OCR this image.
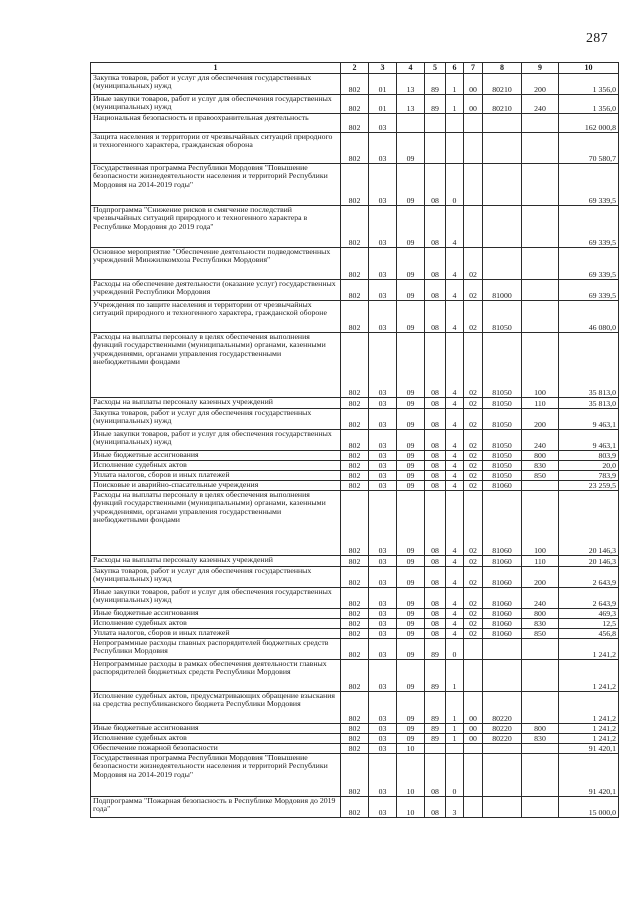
287
1	2	3	4	5	6	7	8	9	10
Закупка товаров, работ и услуг для обеспечения государственных (муниципальных) нужд	802	01	13	89	1	00	80210	200	1 356,0
Иные закупки товаров, работ и услуг для обеспечения государственных (муниципальных) нужд	802	01	13	89	1	00	80210	240	1 356,0
Национальная безопасность и правоохранительная деятельность	802	03							162 000,8
Защита населения и территории от чрезвычайных ситуаций природного и техногенного характера, гражданская оборона	802	03	09						70 580,7
Государственная программа Республики Мордовия "Повышение безопасности жизнедеятельности населения и территорий Республики Мордовия на 2014-2019 годы"	802	03	09	08	0				69 339,5
Подпрограмма "Снижение рисков и смягчение последствий чрезвычайных ситуаций природного и техногенного характера в Республике Мордовия до 2019 года"	802	03	09	08	4				69 339,5
Основное мероприятие "Обеспечение деятельности подведомственных учреждений Минжилкомхоза Республики Мордовия"	802	03	09	08	4	02			69 339,5
Расходы на обеспечение деятельности (оказание услуг) государственных учреждений Республики Мордовия	802	03	09	08	4	02	81000		69 339,5
Учреждения по защите населения и территории от чрезвычайных ситуаций природного и техногенного характера, гражданской обороне	802	03	09	08	4	02	81050		46 080,0
Расходы на выплаты персоналу в целях обеспечения выполнения функций государственными (муниципальными) органами, казенными учреждениями, органами управления государственными внебюджетными фондами	802	03	09	08	4	02	81050	100	35 813,0
Расходы на выплаты персоналу казенных учреждений	802	03	09	08	4	02	81050	110	35 813,0
Закупка товаров, работ и услуг для обеспечения государственных (муниципальных) нужд	802	03	09	08	4	02	81050	200	9 463,1
Иные закупки товаров, работ и услуг для обеспечения государственных (муниципальных) нужд	802	03	09	08	4	02	81050	240	9 463,1
Иные бюджетные ассигнования	802	03	09	08	4	02	81050	800	803,9
Исполнение судебных актов	802	03	09	08	4	02	81050	830	20,0
Уплата налогов, сборов и иных платежей	802	03	09	08	4	02	81050	850	783,9
Поисковые и аварийно-спасательные учреждения	802	03	09	08	4	02	81060		23 259,5
Расходы на выплаты персоналу в целях обеспечения выполнения функций государственными (муниципальными) органами, казенными учреждениями, органами управления государственными внебюджетными фондами	802	03	09	08	4	02	81060	100	20 146,3
Расходы на выплаты персоналу казенных учреждений	802	03	09	08	4	02	81060	110	20 146,3
Закупка товаров, работ и услуг для обеспечения государственных (муниципальных) нужд	802	03	09	08	4	02	81060	200	2 643,9
Иные закупки товаров, работ и услуг для обеспечения государственных (муниципальных) нужд	802	03	09	08	4	02	81060	240	2 643,9
Иные бюджетные ассигнования	802	03	09	08	4	02	81060	800	469,3
Исполнение судебных актов	802	03	09	08	4	02	81060	830	12,5
Уплата налогов, сборов и иных платежей	802	03	09	08	4	02	81060	850	456,8
Непрограммные расходы главных распорядителей бюджетных средств Республики Мордовия	802	03	09	89	0				1 241,2
Непрограммные расходы в рамках обеспечения деятельности главных распорядителей бюджетных средств Республики Мордовия	802	03	09	89	1				1 241,2
Исполнение судебных актов, предусматривающих обращение взыскания на средства республиканского бюджета Республики Мордовия	802	03	09	89	1	00	80220		1 241,2
Иные бюджетные ассигнования	802	03	09	89	1	00	80220	800	1 241,2
Исполнение судебных актов	802	03	09	89	1	00	80220	830	1 241,2
Обеспечение пожарной безопасности	802	03	10						91 420,1
Государственная программа Республики Мордовия "Повышение безопасности жизнедеятельности населения и территорий Республики Мордовия на 2014-2019 годы"	802	03	10	08	0				91 420,1
Подпрограмма "Пожарная безопасность в Республике Мордовия до 2019 года"	802	03	10	08	3				15 000,0
